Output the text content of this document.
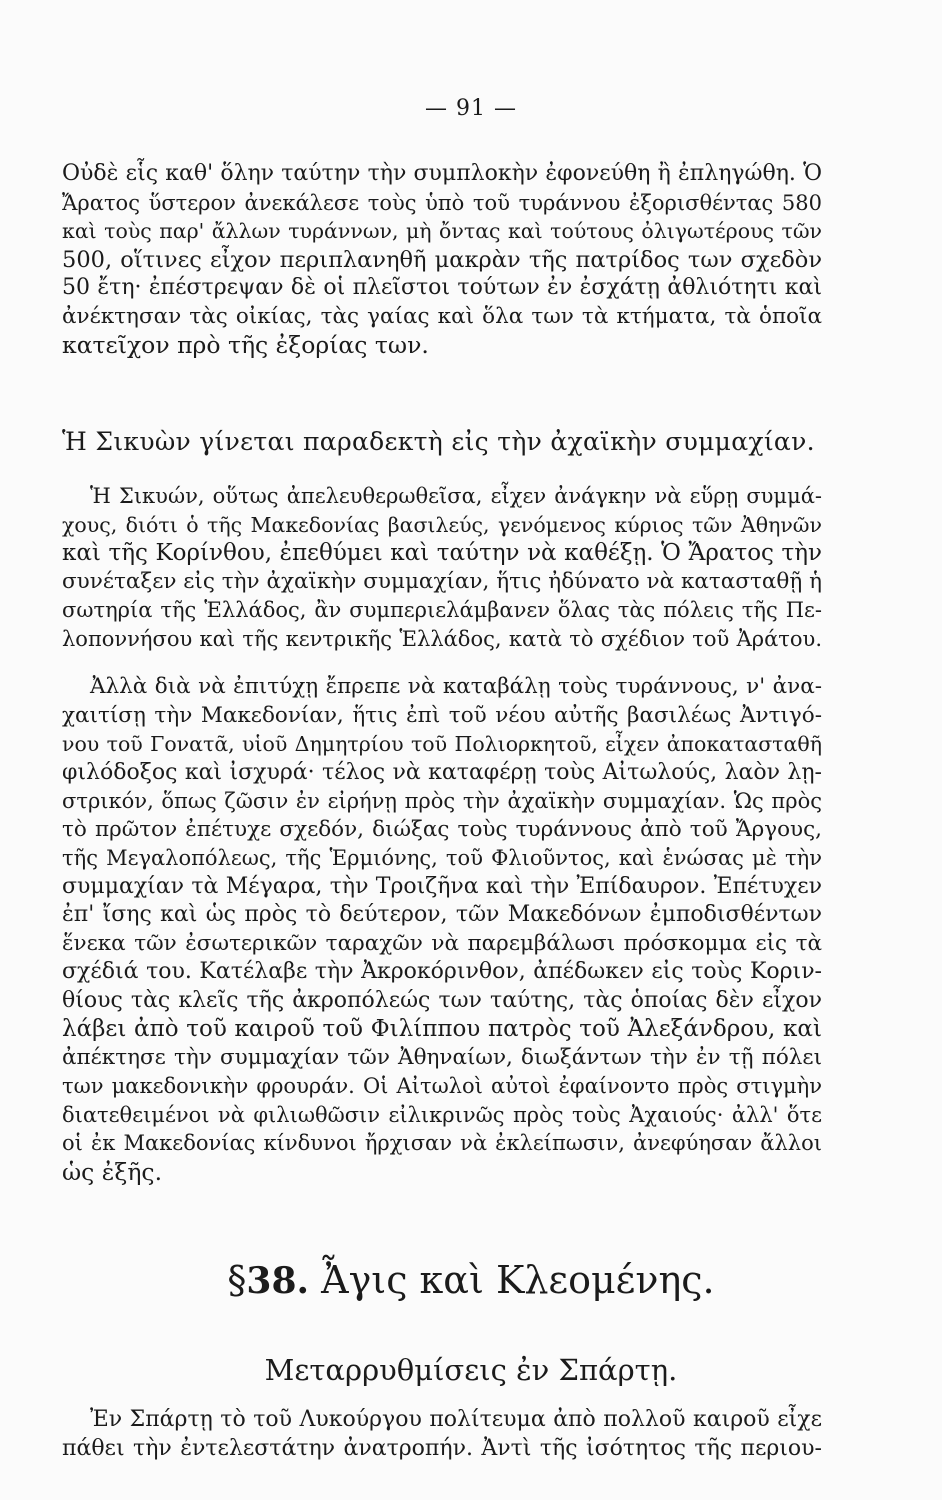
— 91 —
Οὐδὲ εἷς καθ' ὅλην ταύτην τὴν συμπλοκὴν ἐφονεύθη ἢ ἐπληγώθη. Ὁ
Ἄρατος ὕστερον ἀνεκάλεσε τοὺς ὑπὸ τοῦ τυράννου ἐξορισθέντας 580
καὶ τοὺς παρ' ἄλλων τυράννων, μὴ ὄντας καὶ τούτους ὀλιγωτέρους τῶν
500, οἵτινες εἶχον περιπλανηθῆ μακρὰν τῆς πατρίδος των σχεδὸν
50 ἔτη· ἐπέστρεψαν δὲ οἱ πλεῖστοι τούτων ἐν ἐσχάτῃ ἀθλιότητι καὶ
ἀνέκτησαν τὰς οἰκίας, τὰς γαίας καὶ ὅλα των τὰ κτήματα, τὰ ὁποῖα
κατεῖχον πρὸ τῆς ἐξορίας των.
Ἡ Σικυὼν γίνεται παραδεκτὴ εἰς τὴν ἀχαϊκὴν συμμαχίαν.
Ἡ Σικυών, οὕτως ἀπελευθερωθεῖσα, εἶχεν ἀνάγκην νὰ εὕρῃ συμμά-
χους, διότι ὁ τῆς Μακεδονίας βασιλεύς, γενόμενος κύριος τῶν Ἀθηνῶν
καὶ τῆς Κορίνθου, ἐπεθύμει καὶ ταύτην νὰ καθέξῃ. Ὁ Ἄρατος τὴν
συνέταξεν εἰς τὴν ἀχαϊκὴν συμμαχίαν, ἥτις ἠδύνατο νὰ κατασταθῇ ἡ
σωτηρία τῆς Ἑλλάδος, ἂν συμπεριελάμβανεν ὅλας τὰς πόλεις τῆς Πε-
λοποννήσου καὶ τῆς κεντρικῆς Ἑλλάδος, κατὰ τὸ σχέδιον τοῦ Ἀράτου.
Ἀλλὰ διὰ νὰ ἐπιτύχῃ ἔπρεπε νὰ καταβάλῃ τοὺς τυράννους, ν' ἀνα-
χαιτίσῃ τὴν Μακεδονίαν, ἥτις ἐπὶ τοῦ νέου αὐτῆς βασιλέως Ἀντιγό-
νου τοῦ Γονατᾶ, υἱοῦ Δημητρίου τοῦ Πολιορκητοῦ, εἶχεν ἀποκατασταθῆ
φιλόδοξος καὶ ἰσχυρά· τέλος νὰ καταφέρῃ τοὺς Αἰτωλούς, λαὸν λῃ-
στρικόν, ὅπως ζῶσιν ἐν εἰρήνῃ πρὸς τὴν ἀχαϊκὴν συμμαχίαν. Ὡς πρὸς
τὸ πρῶτον ἐπέτυχε σχεδόν, διώξας τοὺς τυράννους ἀπὸ τοῦ Ἄργους,
τῆς Μεγαλοπόλεως, τῆς Ἑρμιόνης, τοῦ Φλιοῦντος, καὶ ἑνώσας μὲ τὴν
συμμαχίαν τὰ Μέγαρα, τὴν Τροιζῆνα καὶ τὴν Ἐπίδαυρον. Ἐπέτυχεν
ἐπ' ἴσης καὶ ὡς πρὸς τὸ δεύτερον, τῶν Μακεδόνων ἐμποδισθέντων
ἕνεκα τῶν ἐσωτερικῶν ταραχῶν νὰ παρεμβάλωσι πρόσκομμα εἰς τὰ
σχέδιά του. Κατέλαβε τὴν Ἀκροκόρινθον, ἀπέδωκεν εἰς τοὺς Κοριν-
θίους τὰς κλεῖς τῆς ἀκροπόλεώς των ταύτης, τὰς ὁποίας δὲν εἶχον
λάβει ἀπὸ τοῦ καιροῦ τοῦ Φιλίππου πατρὸς τοῦ Ἀλεξάνδρου, καὶ
ἀπέκτησε τὴν συμμαχίαν τῶν Ἀθηναίων, διωξάντων τὴν ἐν τῇ πόλει
των μακεδονικὴν φρουράν. Οἱ Αἰτωλοὶ αὐτοὶ ἐφαίνοντο πρὸς στιγμὴν
διατεθειμένοι νὰ φιλιωθῶσιν εἰλικρινῶς πρὸς τοὺς Ἀχαιούς· ἀλλ' ὅτε
οἱ ἐκ Μακεδονίας κίνδυνοι ἤρχισαν νὰ ἐκλείπωσιν, ἀνεφύησαν ἄλλοι
ὡς ἐξῆς.
§38. Ἆγις καὶ Κλεομένης.
Μεταρρυθμίσεις ἐν Σπάρτῃ.
Ἐν Σπάρτῃ τὸ τοῦ Λυκούργου πολίτευμα ἀπὸ πολλοῦ καιροῦ εἶχε
πάθει τὴν ἐντελεστάτην ἀνατροπήν. Ἀντὶ τῆς ἰσότητος τῆς περιου-
